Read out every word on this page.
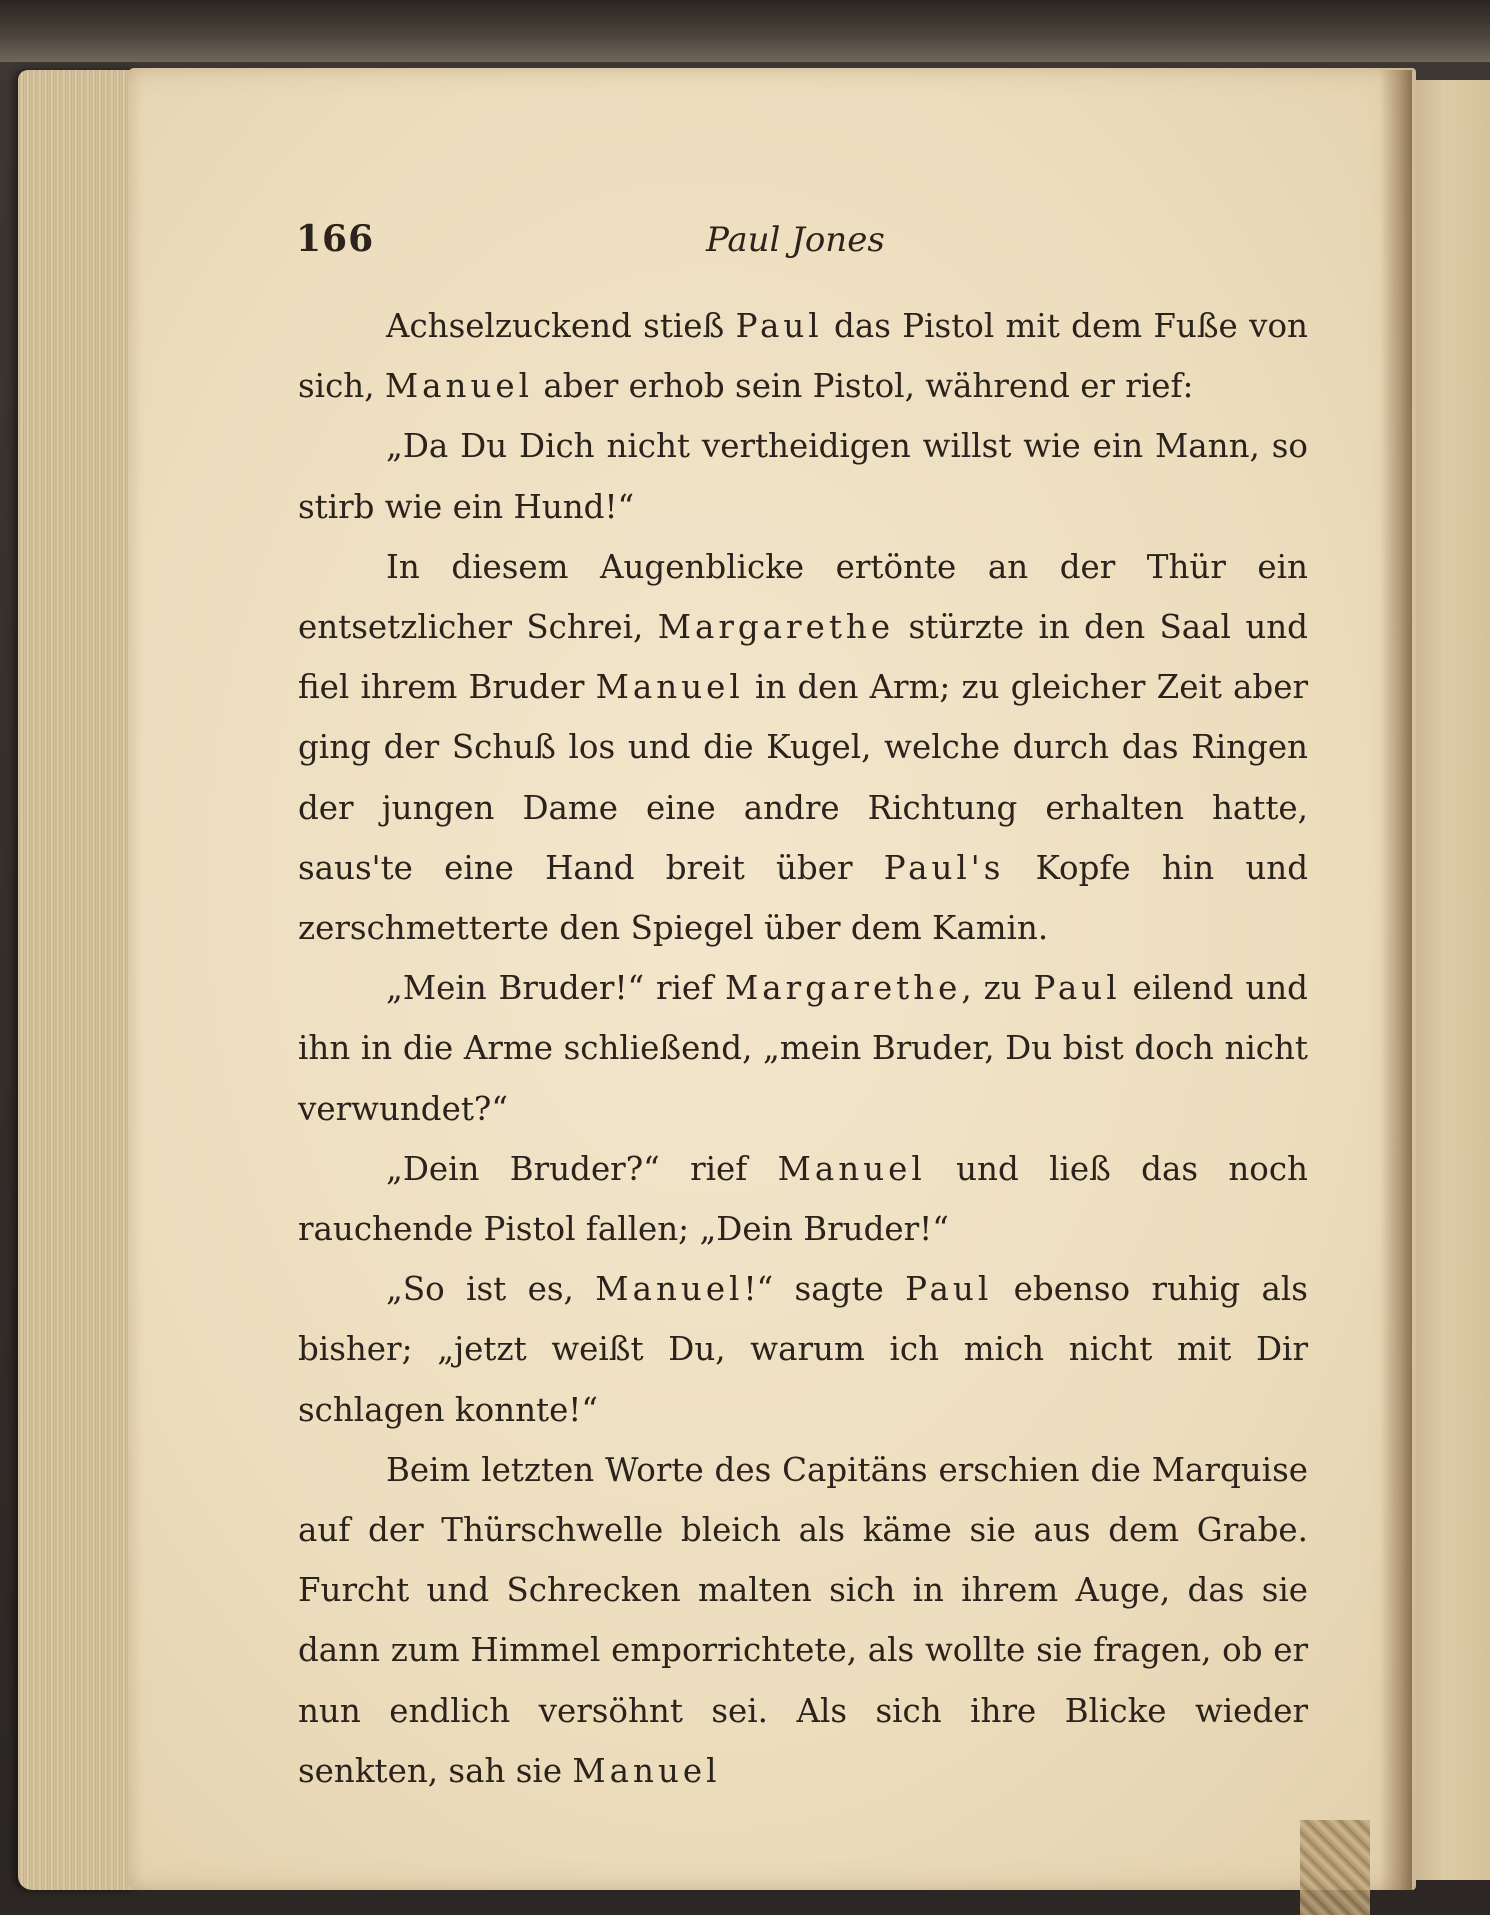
166	Paul Jones

Achselzuckend stieß Paul das Pistol mit dem Fuße von sich, Manuel aber erhob sein Pistol, während er rief:

„Da Du Dich nicht vertheidigen willst wie ein Mann, so stirb wie ein Hund!“

In diesem Augenblicke ertönte an der Thür ein entsetzlicher Schrei, Margarethe stürzte in den Saal und fiel ihrem Bruder Manuel in den Arm; zu gleicher Zeit aber ging der Schuß los und die Kugel, welche durch das Ringen der jungen Dame eine andre Richtung erhalten hatte, saus'te eine Hand breit über Paul's Kopfe hin und zerschmetterte den Spiegel über dem Kamin.

„Mein Bruder!“ rief Margarethe, zu Paul eilend und ihn in die Arme schließend, „mein Bruder, Du bist doch nicht verwundet?“

„Dein Bruder?“ rief Manuel und ließ das noch rauchende Pistol fallen; „Dein Bruder!“

„So ist es, Manuel!“ sagte Paul ebenso ruhig als bisher; „jetzt weißt Du, warum ich mich nicht mit Dir schlagen konnte!“

Beim letzten Worte des Capitäns erschien die Marquise auf der Thürschwelle bleich als käme sie aus dem Grabe. Furcht und Schrecken malten sich in ihrem Auge, das sie dann zum Himmel emporrichtete, als wollte sie fragen, ob er nun endlich versöhnt sei. Als sich ihre Blicke wieder senkten, sah sie Manuel
